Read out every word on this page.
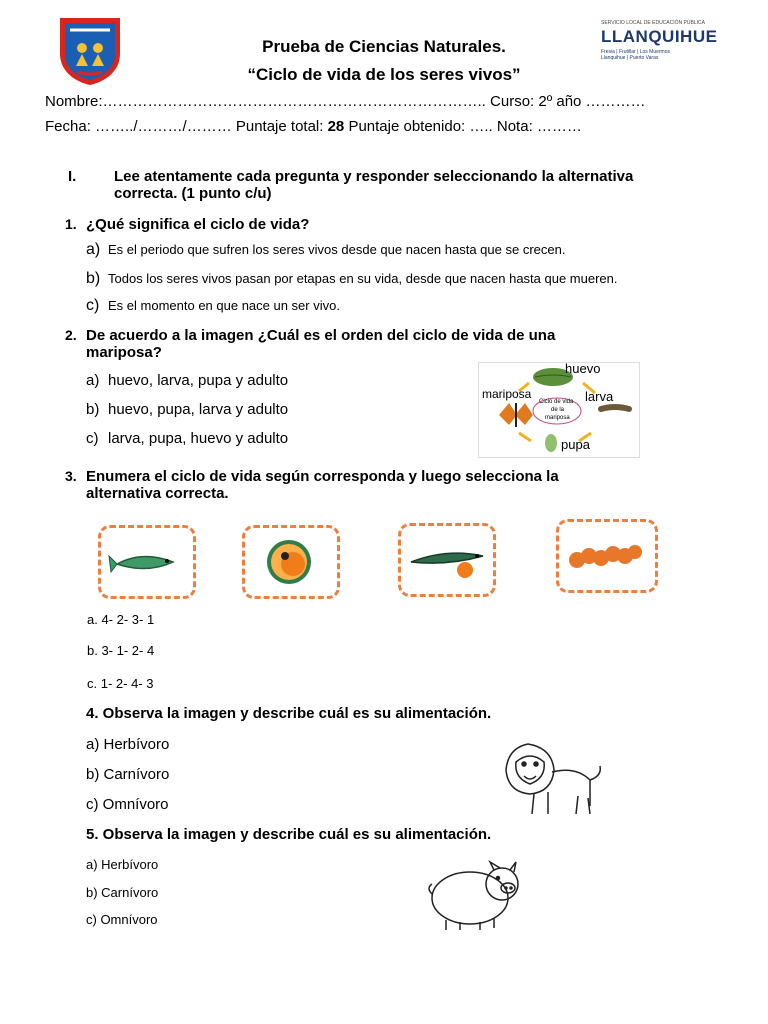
SERVICIO LOCAL DE EDUCACIÓN PÚBLICA
LLANQUIHUE
Fresia | Frutillar | Los Muermos
Llanquihue | Puerto Varas
Prueba de Ciencias Naturales.
“Ciclo de vida de los seres vivos”
Nombre:………………………………………………………………….. Curso: 2º año …………
Fecha: ……../………/……… Puntaje total: 28 Puntaje obtenido: ….. Nota: ………
I.	Lee atentamente cada pregunta y responder seleccionando la alternativa
correcta. (1 punto c/u)
1. ¿Qué significa el ciclo de vida?
a) Es el periodo que sufren los seres vivos desde que nacen hasta que se crecen.
b) Todos los seres vivos pasan por etapas en su vida, desde que nacen hasta que mueren.
c) Es el momento en que nace un ser vivo.
2. De acuerdo a la imagen ¿Cuál es el orden del ciclo de vida de una
mariposa?
a) huevo, larva, pupa y adulto
b) huevo, pupa, larva y adulto
c) larva, pupa, huevo y adulto
huevo
larva
mariposa
pupa
Ciclo de vida
de la
mariposa
3. Enumera el ciclo de vida según corresponda y luego selecciona la
alternativa correcta.
a. 4- 2- 3- 1
b. 3- 1- 2- 4
c. 1- 2- 4- 3
4. Observa la imagen y describe cuál es su alimentación.
a) Herbívoro
b) Carnívoro
c) Omnívoro
5. Observa la imagen y describe cuál es su alimentación.
a) Herbívoro
b) Carnívoro
c) Omnívoro
